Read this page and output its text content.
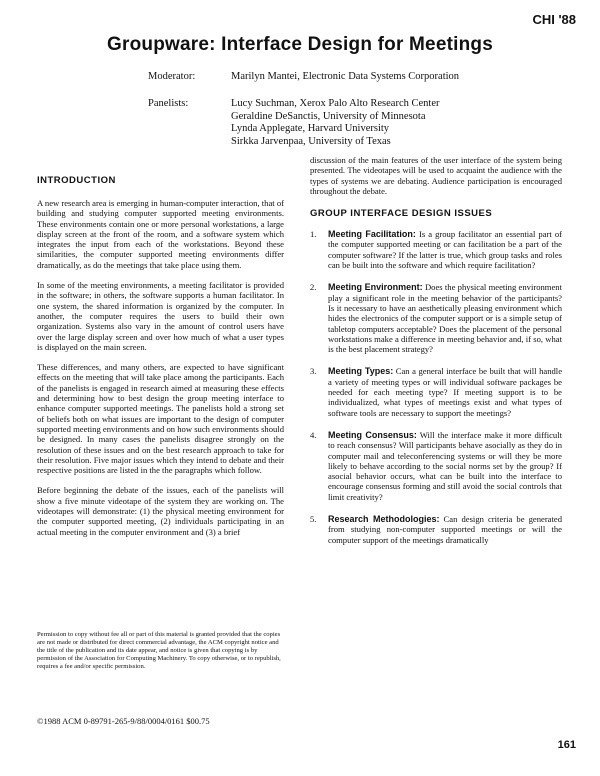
CHI '88
Groupware: Interface Design for Meetings
Moderator:	Marilyn Mantei, Electronic Data Systems Corporation
Panelists:	Lucy Suchman, Xerox Palo Alto Research Center
Geraldine DeSanctis, University of Minnesota
Lynda Applegate, Harvard University
Sirkka Jarvenpaa, University of Texas
INTRODUCTION

A new research area is emerging in human-computer interaction, that of building and studying computer supported meeting environments. These environments contain one or more personal workstations, a large display screen at the front of the room, and a software system which integrates the input from each of the workstations. Beyond these similarities, the computer supported meeting environments differ dramatically, as do the meetings that take place using them.

In some of the meeting environments, a meeting facilitator is provided in the software; in others, the software supports a human facilitator. In one system, the shared information is organized by the computer. In another, the computer requires the users to build their own organization. Systems also vary in the amount of control users have over the large display screen and over how much of what a user types is displayed on the main screen.

These differences, and many others, are expected to have significant effects on the meeting that will take place among the participants. Each of the panelists is engaged in research aimed at measuring these effects and determining how to best design the group meeting interface to enhance computer supported meetings. The panelists hold a strong set of beliefs both on what issues are important to the design of computer supported meeting environments and on how such environments should be designed. In many cases the panelists disagree strongly on the resolution of these issues and on the best research approach to take for their resolution. Five major issues which they intend to debate and their respective positions are listed in the the paragraphs which follow.

Before beginning the debate of the issues, each of the panelists will show a five minute videotape of the system they are working on. The videotapes will demonstrate: (1) the physical meeting environment for the computer supported meeting, (2) individuals participating in an actual meeting in the computer environment and (3) a brief

discussion of the main features of the user interface of the system being presented. The videotapes will be used to acquaint the audience with the types of systems we are debating. Audience participation is encouraged throughout the debate.

GROUP INTERFACE DESIGN ISSUES
1. Meeting Facilitation: Is a group facilitator an essential part of the computer supported meeting or can facilitation be a part of the computer software? If the latter is true, which group tasks and roles can be built into the software and which require facilitation?
2. Meeting Environment: Does the physical meeting environment play a significant role in the meeting behavior of the participants? Is it necessary to have an aesthetically pleasing environment which hides the electronics of the computer support or is a simple setup of tabletop computers acceptable? Does the placement of the personal workstations make a difference in meeting behavior and, if so, what is the best placement strategy?
3. Meeting Types: Can a general interface be built that will handle a variety of meeting types or will individual software packages be needed for each meeting type? If meeting support is to be individualized, what types of meetings exist and what types of software tools are necessary to support the meetings?
4. Meeting Consensus: Will the interface make it more difficult to reach consensus? Will participants behave asocially as they do in computer mail and teleconferencing systems or will they be more likely to behave according to the social norms set by the group? If asocial behavior occurs, what can be built into the interface to encourage consensus forming and still avoid the social controls that limit creativity?
5. Research Methodologies: Can design criteria be generated from studying non-computer supported meetings or will the computer support of the meetings dramatically
Permission to copy without fee all or part of this material is granted provided that the copies are not made or distributed for direct commercial advantage, the ACM copyright notice and the title of the publication and its date appear, and notice is given that copying is by permission of the Association for Computing Machinery. To copy otherwise, or to republish, requires a fee and/or specific permission.
©1988 ACM 0-89791-265-9/88/0004/0161 $00.75
161
